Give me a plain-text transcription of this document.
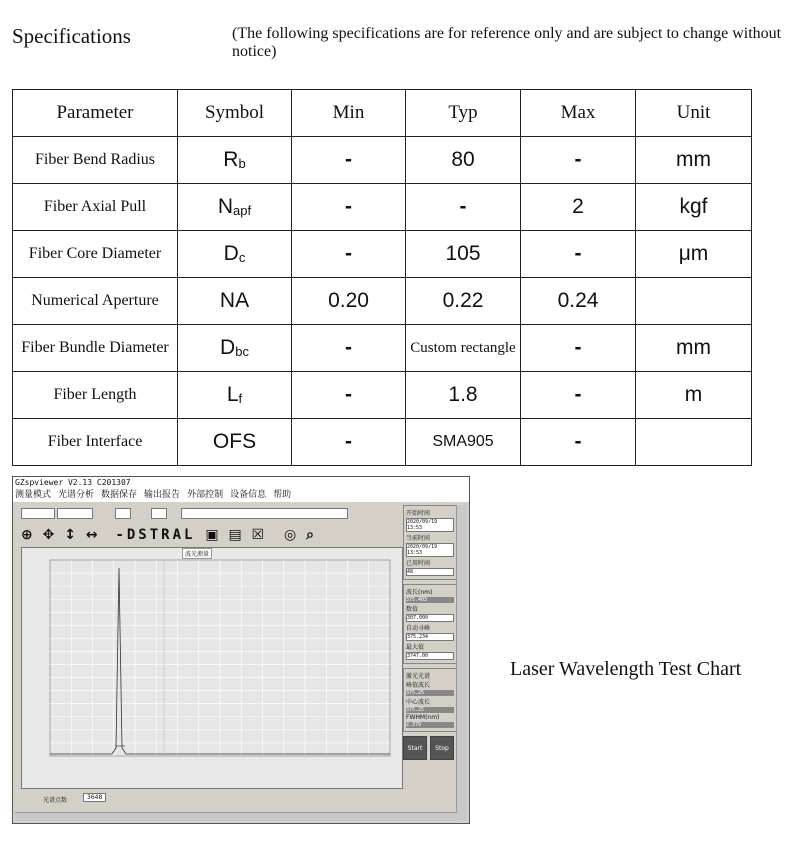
Specifications	(The following specifications are for reference only and are subject to change without notice)
Parameter	Symbol	Min	Typ	Max	Unit
Fiber Bend Radius	$R_b$	-	80	-	mm
Fiber Axial Pull	$N_{apf}$	-	-	2	kgf
Fiber Core Diameter	$D_c$	-	105	-	μm
Numerical Aperture	NA	0.20	0.22	0.24	
Fiber Bundle Diameter	$D_{bc}$	-	Custom rectangle	-	mm
Fiber Length	$L_f$	-	1.8	-	m
Fiber Interface	OFS	-	SMA905	-	
GZspviewer V2.13 C201307
测量模式 光谱分析 数据保存 输出报告 外部控制 设备信息 帮助

⊕ ✥ ↕ ↔ -DSTRAL ▣ ▤ ☒ ◎ ⌕
波光测量
光谱点数	3648
开始时间
2020/09/19 13:53
当前时间
2020/09/19 13:53
已用时间
48
波长(nm)
375.403
数值
307.000
自动寻峰
375.234
最大值
3747.00
激光光谱
峰值波长
375.25
中心波长
375.25
FWHM(nm)
2.379
Start	Stop
Laser Wavelength Test Chart
